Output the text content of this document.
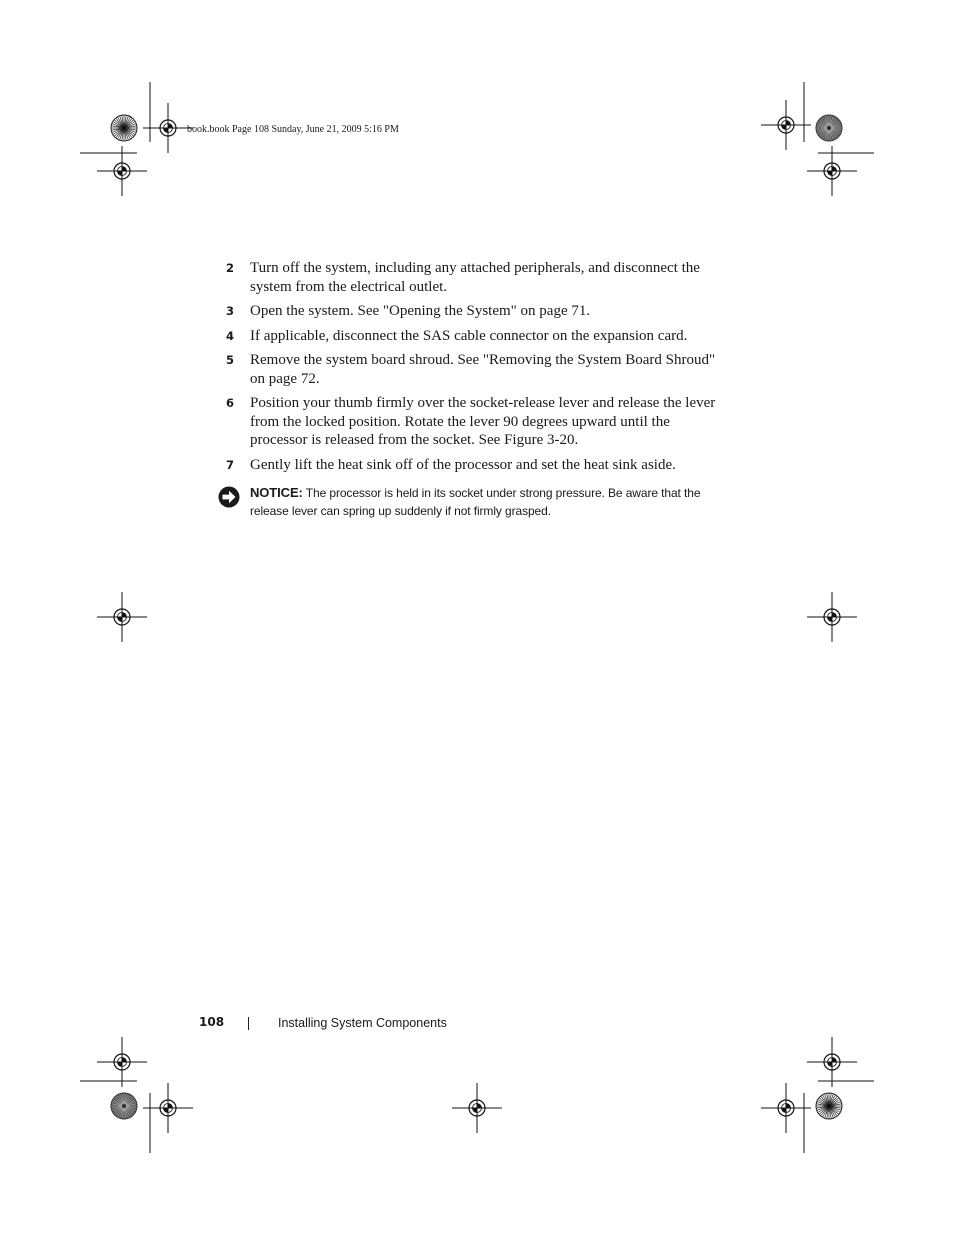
book.book Page 108 Sunday, June 21, 2009 5:16 PM
2 Turn off the system, including any attached peripherals, and disconnect the system from the electrical outlet.
3 Open the system. See "Opening the System" on page 71.
4 If applicable, disconnect the SAS cable connector on the expansion card.
5 Remove the system board shroud. See "Removing the System Board Shroud" on page 72.
6 Position your thumb firmly over the socket-release lever and release the lever from the locked position. Rotate the lever 90 degrees upward until the processor is released from the socket. See Figure 3-20.
7 Gently lift the heat sink off of the processor and set the heat sink aside.
NOTICE: The processor is held in its socket under strong pressure. Be aware that the release lever can spring up suddenly if not firmly grasped.
108	Installing System Components
